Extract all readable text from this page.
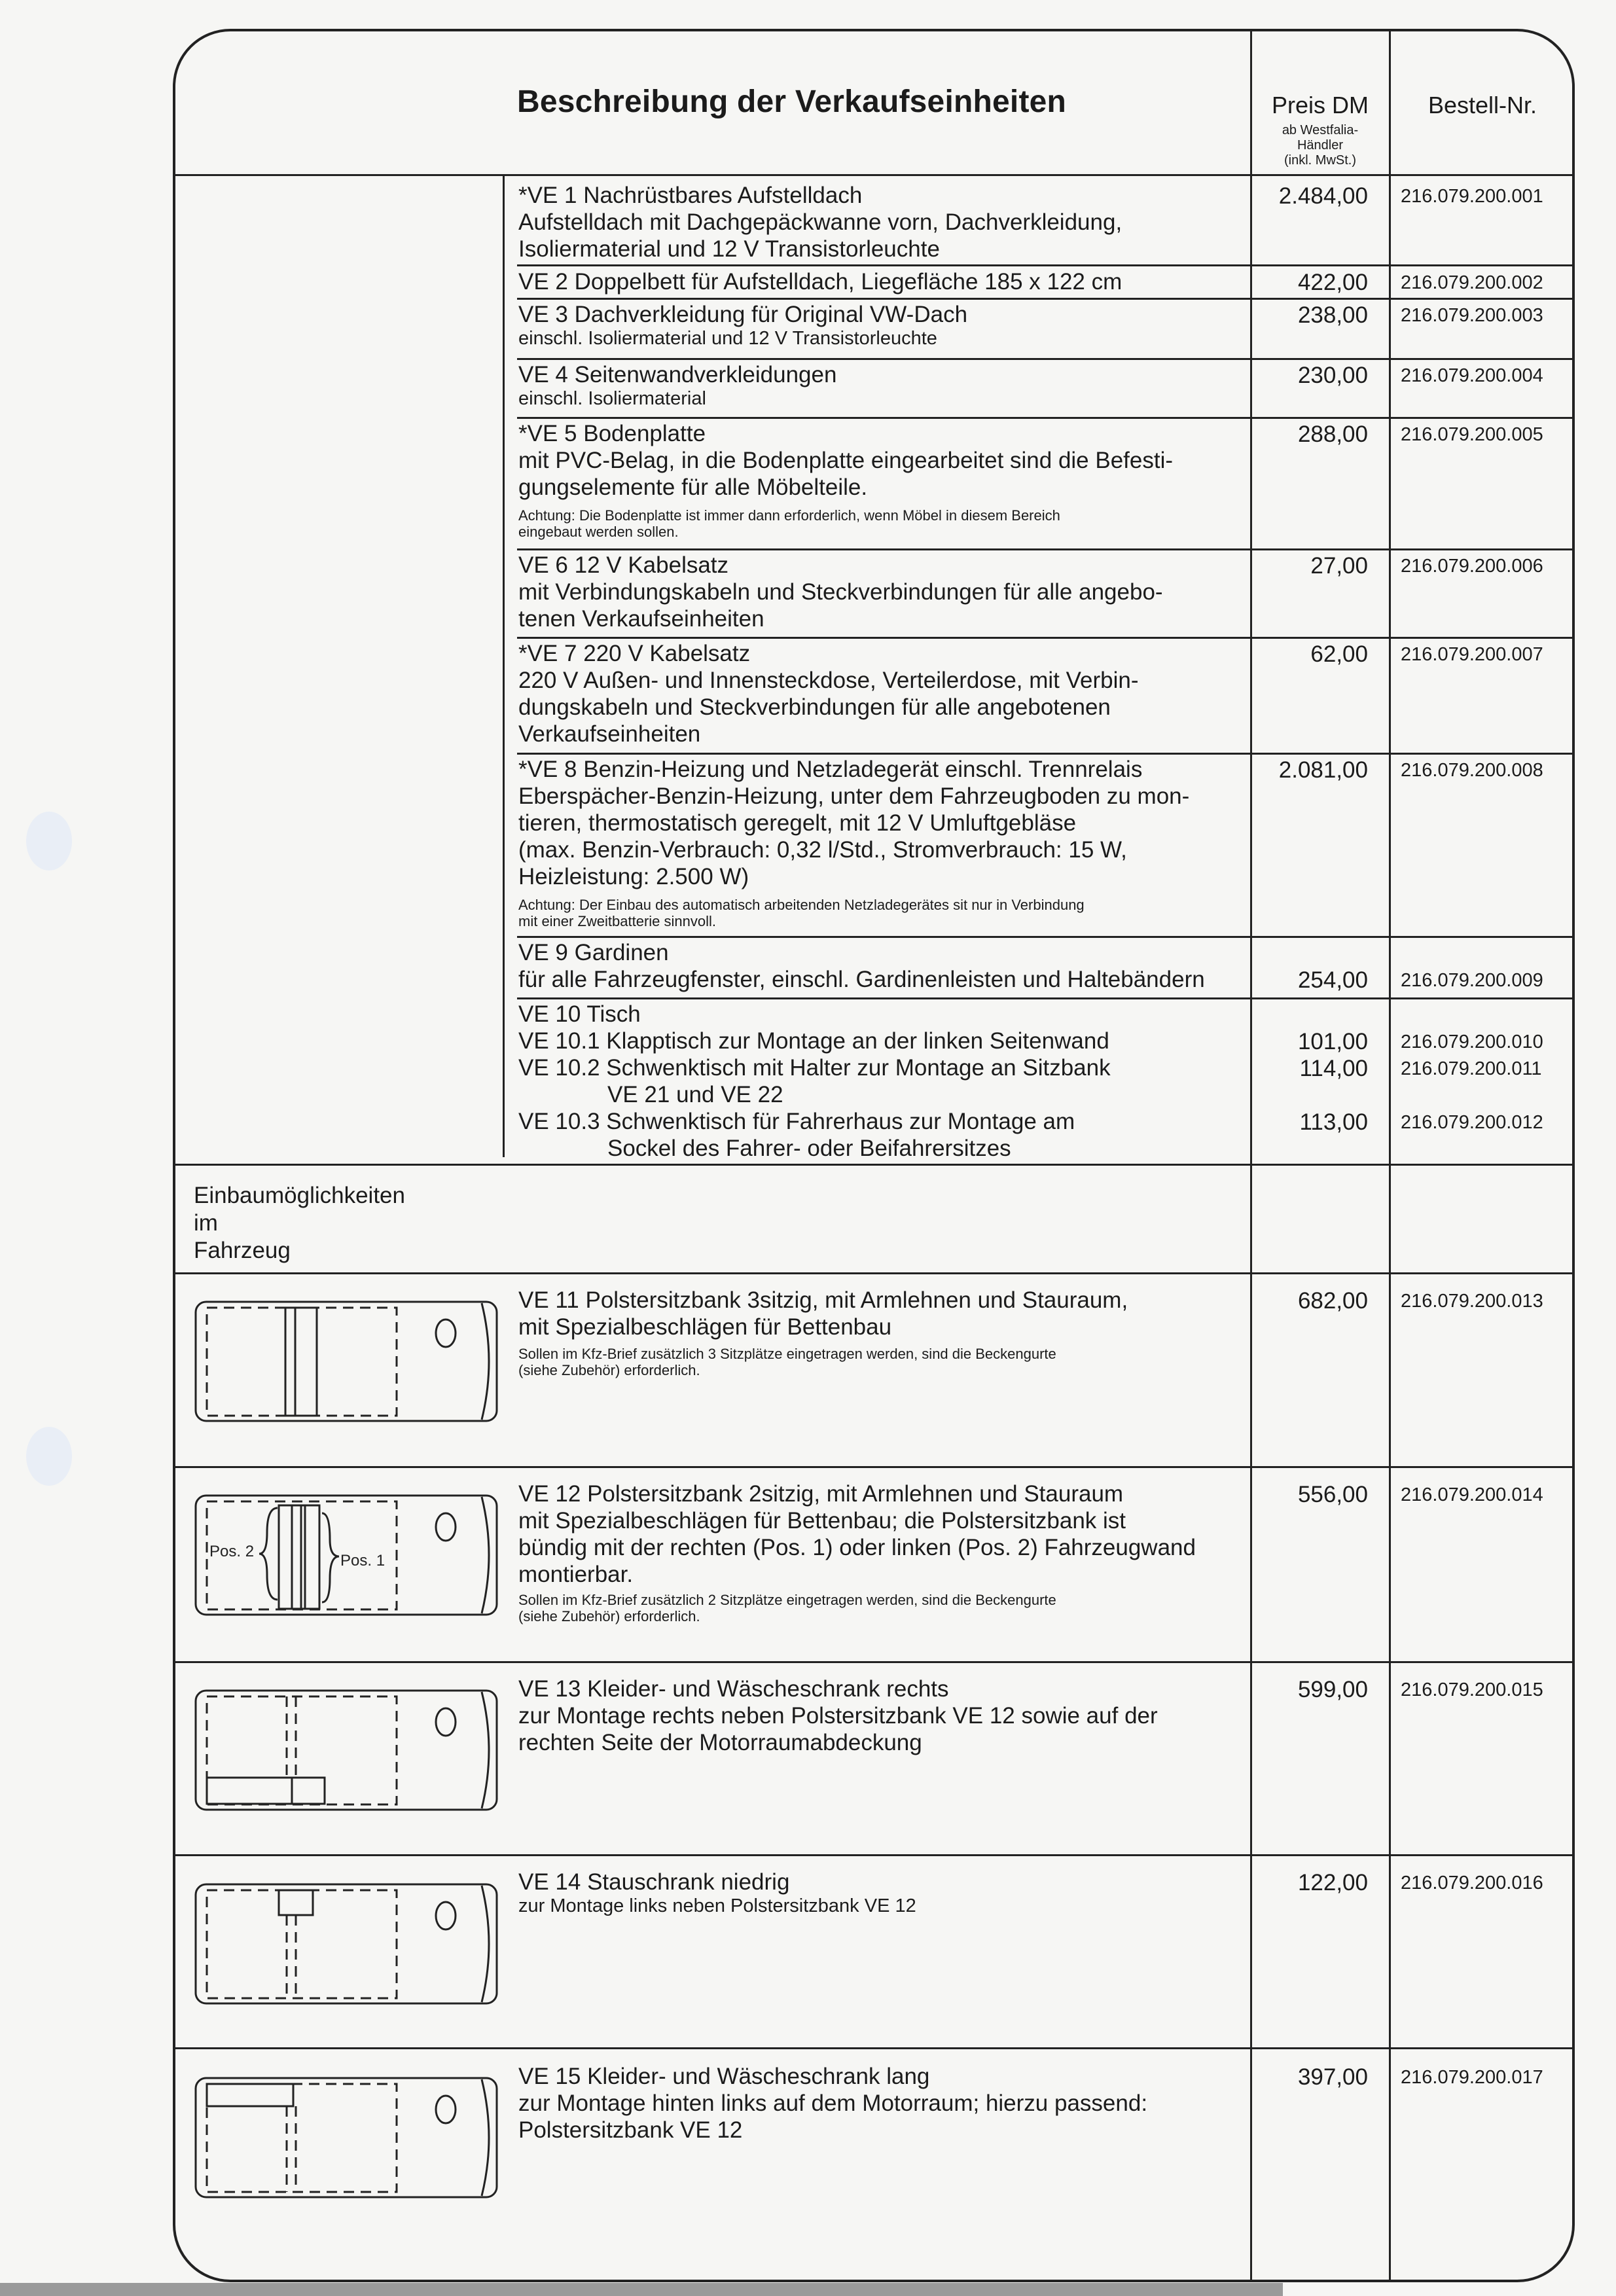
Beschreibung der Verkaufseinheiten	Preis DM
ab Westfalia-
Händler
(inkl. MwSt.)
Bestell-Nr.
*VE 1 Nachrüstbares Aufstelldach
Aufstelldach mit Dachgepäckwanne vorn, Dachverkleidung,
Isoliermaterial und 12 V Transistorleuchte
2.484,00 216.079.200.001
VE 2 Doppelbett für Aufstelldach, Liegefläche 185 x 122 cm	422,00 216.079.200.002
VE 3 Dachverkleidung für Original VW-Dach
einschl. Isoliermaterial und 12 V Transistorleuchte
238,00 216.079.200.003
VE 4 Seitenwandverkleidungen
einschl. Isoliermaterial
230,00 216.079.200.004
*VE 5 Bodenplatte
mit PVC-Belag, in die Bodenplatte eingearbeitet sind die Befesti-
gungselemente für alle Möbelteile.
Achtung: Die Bodenplatte ist immer dann erforderlich, wenn Möbel in diesem Bereich
eingebaut werden sollen.
288,00 216.079.200.005
VE 6 12 V Kabelsatz
mit Verbindungskabeln und Steckverbindungen für alle angebo-
tenen Verkaufseinheiten
27,00 216.079.200.006
*VE 7 220 V Kabelsatz
220 V Außen- und Innensteckdose, Verteilerdose, mit Verbin-
dungskabeln und Steckverbindungen für alle angebotenen
Verkaufseinheiten
62,00 216.079.200.007
*VE 8 Benzin-Heizung und Netzladegerät einschl. Trennrelais
Eberspächer-Benzin-Heizung, unter dem Fahrzeugboden zu mon-
tieren, thermostatisch geregelt, mit 12 V Umluftgebläse
(max. Benzin-Verbrauch: 0,32 l/Std., Stromverbrauch: 15 W,
Heizleistung: 2.500 W)
Achtung: Der Einbau des automatisch arbeitenden Netzladegerätes sit nur in Verbindung
mit einer Zweitbatterie sinnvoll.
2.081,00 216.079.200.008
VE 9 Gardinen
für alle Fahrzeugfenster, einschl. Gardinenleisten und Haltebändern	254,00 216.079.200.009
VE 10 Tisch
VE 10.1 Klapptisch zur Montage an der linken Seitenwand
VE 10.2 Schwenktisch mit Halter zur Montage an Sitzbank
VE 21 und VE 22
VE 10.3 Schwenktisch für Fahrerhaus zur Montage am
Sockel des Fahrer- oder Beifahrersitzes
101,00 216.079.200.010
114,00 216.079.200.011
113,00 216.079.200.012
Einbaumöglichkeiten
im
Fahrzeug
VE 11 Polstersitzbank 3sitzig, mit Armlehnen und Stauraum,
mit Spezialbeschlägen für Bettenbau
Sollen im Kfz-Brief zusätzlich 3 Sitzplätze eingetragen werden, sind die Beckengurte
(siehe Zubehör) erforderlich.
682,00 216.079.200.013
Pos. 2
Pos. 1
VE 12 Polstersitzbank 2sitzig, mit Armlehnen und Stauraum
mit Spezialbeschlägen für Bettenbau; die Polstersitzbank ist
bündig mit der rechten (Pos. 1) oder linken (Pos. 2) Fahrzeugwand
montierbar.
Sollen im Kfz-Brief zusätzlich 2 Sitzplätze eingetragen werden, sind die Beckengurte
(siehe Zubehör) erforderlich.
556,00 216.079.200.014
VE 13 Kleider- und Wäscheschrank rechts
zur Montage rechts neben Polstersitzbank VE 12 sowie auf der
rechten Seite der Motorraumabdeckung
599,00 216.079.200.015
VE 14 Stauschrank niedrig
zur Montage links neben Polstersitzbank VE 12
122,00 216.079.200.016
VE 15 Kleider- und Wäscheschrank lang
zur Montage hinten links auf dem Motorraum; hierzu passend:
Polstersitzbank VE 12
397,00 216.079.200.017
